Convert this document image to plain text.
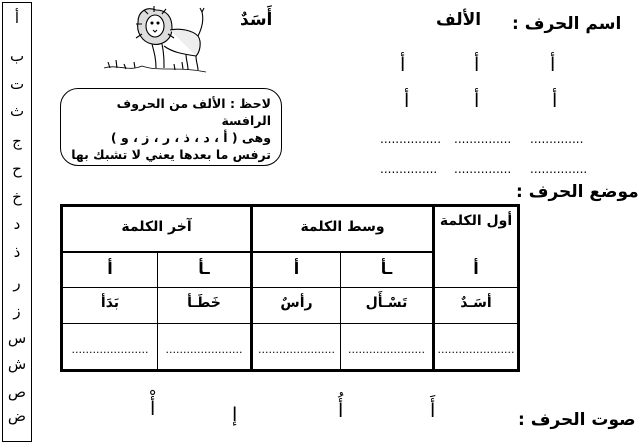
أ
ب
ت
ث
ج
ح
خ
د
ذ
ر
ز
س
ش
ص
ض
أَسَدٌ	اسم الحرف :
الألف
أ
أ
أ
أ
أ
أ
..............
...............
................
...............
...............
...............
لاحظ : الألف من الحروف الرافسة
وهى ( أ ، د ، ذ ، ر ، ز ، و )
ترفس ما بعدها يعني لا تشبك بها
موضع الحرف :
أول الكلمة
وسط الكلمة
آخر الكلمة
أ
ـأ
أ
ـأ
أ
أسَـدٌ
تَسْـأَل
رأسٌ
خَطَـأ
بَدَأ
......................
......................
......................
......................
......................
صوت الحرف :
أَ
أُ
إ
أْ
